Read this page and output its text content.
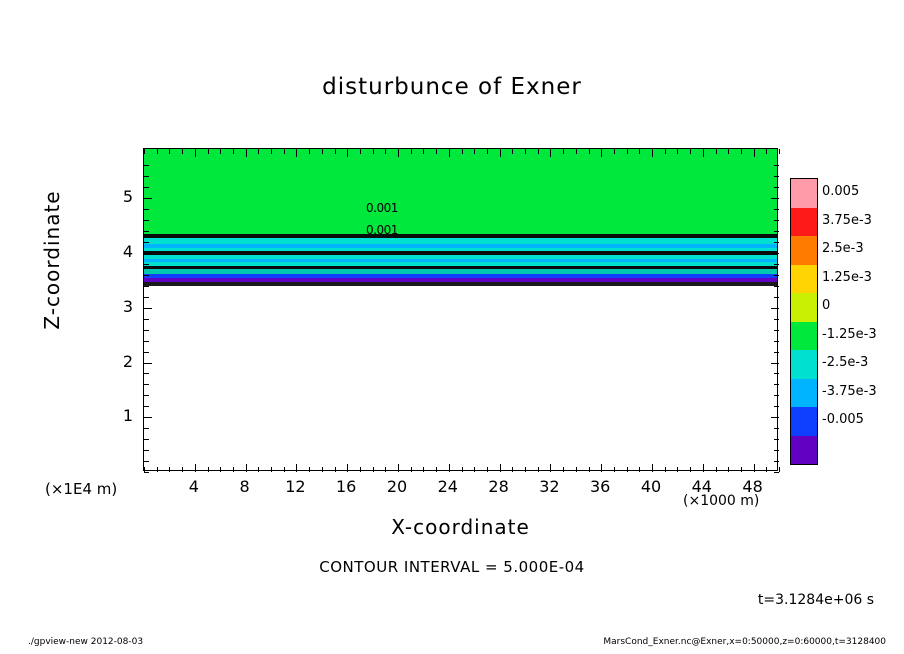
disturbunce of Exner
0.001
0.001
4	8	12	16	20	24	28	32	36	40	44	48
1
2
3
4
5
Z-coordinate
X-coordinate
(×1E4 m)
(×1000 m)
0.005
3.75e-3
2.5e-3
1.25e-3
0
-1.25e-3
-2.5e-3
-3.75e-3
-0.005
CONTOUR INTERVAL = 5.000E-04
t=3.1284e+06 s
./gpview-new 2012-08-03	MarsCond_Exner.nc@Exner,x=0:50000,z=0:60000,t=3128400
